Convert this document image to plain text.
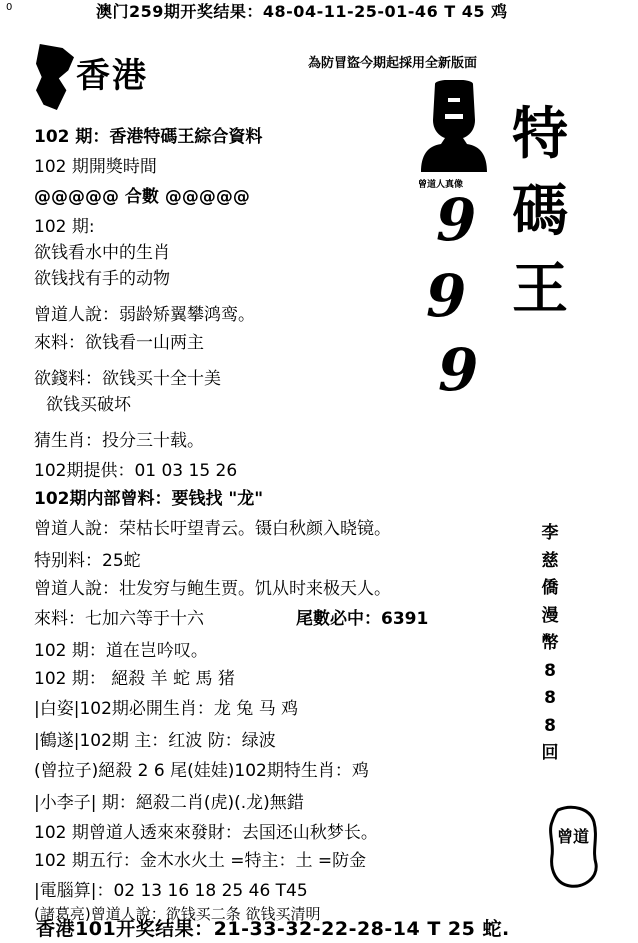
0	澳门259期开奖结果：48-04-11-25-01-46 T 45 鸡
香港	為防冒盜今期起採用全新版面
曾道人真像
9
9
9
特
碼
王
李
慈
僑
漫
幣
8
8
8
回
曾道
102 期：香港特碼王綜合資料
102 期開獎時間
@@@@@ 合數 @@@@@
102 期:
欲钱看水中的生肖
欲钱找有手的动物
曾道人說：弱龄矫翼攀鸿鸾。
來料：欲钱看一山两主
欲錢料：欲钱买十全十美
欲钱买破坏
猜生肖：投分三十载。
102期提供：01 03 15 26
102期内部曾料：要钱找 "龙"
曾道人說：荣枯长吁望青云。镊白秋颜入晓镜。
特别料：25蛇
曾道人說：壮发穷与鲍生贾。饥从时来极天人。
來料：七加六等于十六	尾數必中：6391
102 期：道在岂吟叹。
102 期： 絕殺 羊 蛇 馬 猪
|白姿|102期必開生肖：龙 兔 马 鸡
|鶴遂|102期 主：红波 防：绿波
(曾拉子)絕殺 2 6 尾(娃娃)102期特生肖：鸡
|小李子| 期：絕殺二肖(虎)(.龙)無錯
102 期曾道人透來來發財：去国还山秋梦长。
102 期五行：金木水火土 =特主：土 =防金
|電腦算|：02 13 16 18 25 46 T45
(諸葛亮)曾道人說：欲钱买二条 欲钱买清明
香港101开奖结果：21-33-32-22-28-14 T 25 蛇.
